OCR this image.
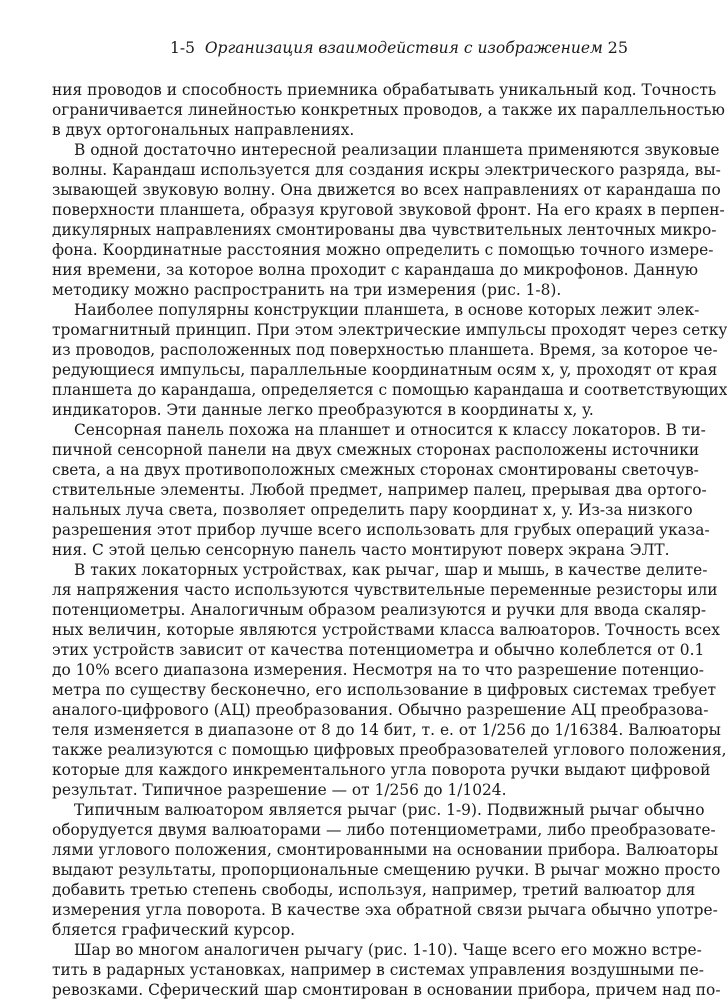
1-5 Организация взаимодействия с изображением 25
ния проводов и способность приемника обрабатывать уникальный код. Точность
ограничивается линейностью конкретных проводов, а также их параллельностью
в двух ортогональных направлениях.
В одной достаточно интересной реализации планшета применяются звуковые
волны. Карандаш используется для создания искры электрического разряда, вы-
зывающей звуковую волну. Она движется во всех направлениях от карандаша по
поверхности планшета, образуя круговой звуковой фронт. На его краях в перпен-
дикулярных направлениях смонтированы два чувствительных ленточных микро-
фона. Координатные расстояния можно определить с помощью точного измере-
ния времени, за которое волна проходит с карандаша до микрофонов. Данную
методику можно распространить на три измерения (рис. 1-8).
Наиболее популярны конструкции планшета, в основе которых лежит элек-
тромагнитный принцип. При этом электрические импульсы проходят через сетку
из проводов, расположенных под поверхностью планшета. Время, за которое че-
редующиеся импульсы, параллельные координатным осям x, y, проходят от края
планшета до карандаша, определяется с помощью карандаша и соответствующих
индикаторов. Эти данные легко преобразуются в координаты x, y.
Сенсорная панель похожа на планшет и относится к классу локаторов. В ти-
пичной сенсорной панели на двух смежных сторонах расположены источники
света, а на двух противоположных смежных сторонах смонтированы светочув-
ствительные элементы. Любой предмет, например палец, прерывая два ортого-
нальных луча света, позволяет определить пару координат x, y. Из-за низкого
разрешения этот прибор лучше всего использовать для грубых операций указа-
ния. С этой целью сенсорную панель часто монтируют поверх экрана ЭЛТ.
В таких локаторных устройствах, как рычаг, шар и мышь, в качестве делите-
ля напряжения часто используются чувствительные переменные резисторы или
потенциометры. Аналогичным образом реализуются и ручки для ввода скаляр-
ных величин, которые являются устройствами класса валюаторов. Точность всех
этих устройств зависит от качества потенциометра и обычно колеблется от 0.1
до 10% всего диапазона измерения. Несмотря на то что разрешение потенцио-
метра по существу бесконечно, его использование в цифровых системах требует
аналого-цифрового (АЦ) преобразования. Обычно разрешение АЦ преобразова-
теля изменяется в диапазоне от 8 до 14 бит, т. е. от 1/256 до 1/16384. Валюаторы
также реализуются с помощью цифровых преобразователей углового положения,
которые для каждого инкрементального угла поворота ручки выдают цифровой
результат. Типичное разрешение — от 1/256 до 1/1024.
Типичным валюатором является рычаг (рис. 1-9). Подвижный рычаг обычно
оборудуется двумя валюаторами — либо потенциометрами, либо преобразовате-
лями углового положения, смонтированными на основании прибора. Валюаторы
выдают результаты, пропорциональные смещению ручки. В рычаг можно просто
добавить третью степень свободы, используя, например, третий валюатор для
измерения угла поворота. В качестве эха обратной связи рычага обычно употре-
бляется графический курсор.
Шар во многом аналогичен рычагу (рис. 1-10). Чаще всего его можно встре-
тить в радарных установках, например в системах управления воздушными пе-
ревозками. Сферический шар смонтирован в основании прибора, причем над по-
